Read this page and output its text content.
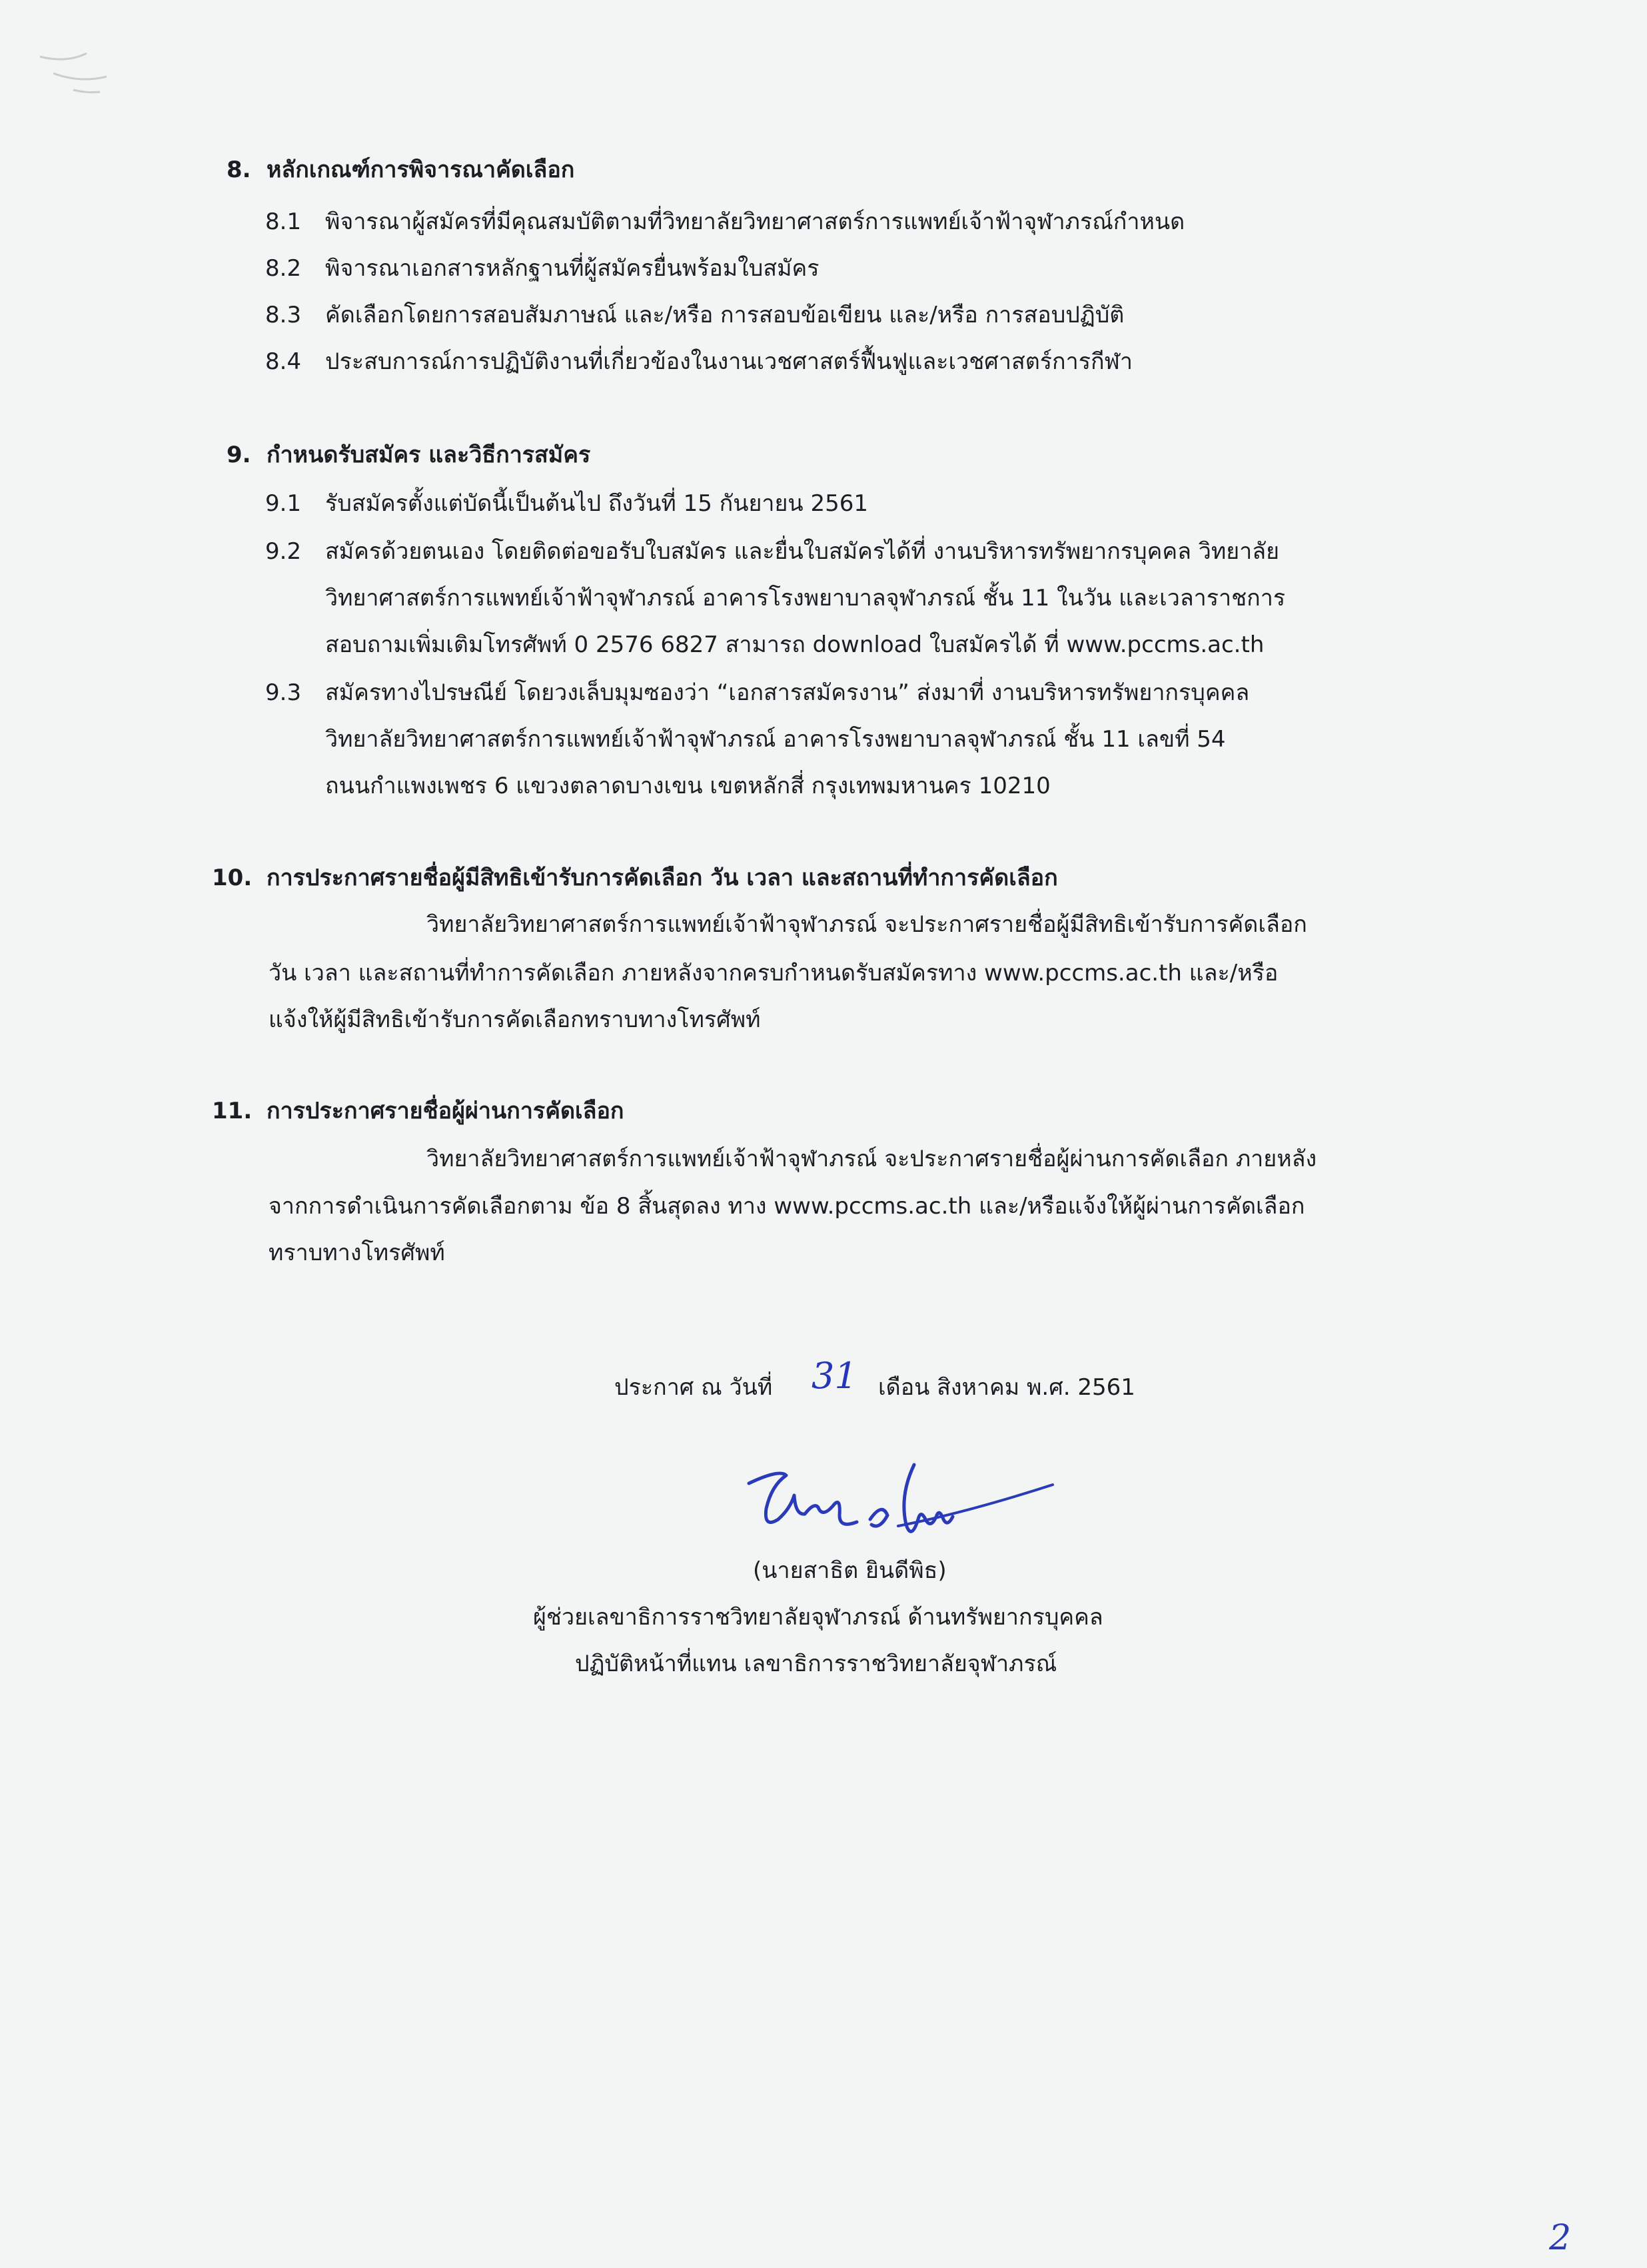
8. หลักเกณฑ์การพิจารณาคัดเลือก
8.1 พิจารณาผู้สมัครที่มีคุณสมบัติตามที่วิทยาลัยวิทยาศาสตร์การแพทย์เจ้าฟ้าจุฬาภรณ์กำหนด
8.2 พิจารณาเอกสารหลักฐานที่ผู้สมัครยื่นพร้อมใบสมัคร
8.3 คัดเลือกโดยการสอบสัมภาษณ์ และ/หรือ การสอบข้อเขียน และ/หรือ การสอบปฏิบัติ
8.4 ประสบการณ์การปฏิบัติงานที่เกี่ยวข้องในงานเวชศาสตร์ฟื้นฟูและเวชศาสตร์การกีฬา
9. กำหนดรับสมัคร และวิธีการสมัคร
9.1 รับสมัครตั้งแต่บัดนี้เป็นต้นไป ถึงวันที่ 15 กันยายน 2561
9.2 สมัครด้วยตนเอง โดยติดต่อขอรับใบสมัคร และยื่นใบสมัครได้ที่ งานบริหารทรัพยากรบุคคล วิทยาลัย
วิทยาศาสตร์การแพทย์เจ้าฟ้าจุฬาภรณ์ อาคารโรงพยาบาลจุฬาภรณ์ ชั้น 11 ในวัน และเวลาราชการ
สอบถามเพิ่มเติมโทรศัพท์ 0 2576 6827 สามารถ download ใบสมัครได้ ที่ www.pccms.ac.th
9.3 สมัครทางไปรษณีย์ โดยวงเล็บมุมซองว่า “เอกสารสมัครงาน” ส่งมาที่ งานบริหารทรัพยากรบุคคล
วิทยาลัยวิทยาศาสตร์การแพทย์เจ้าฟ้าจุฬาภรณ์ อาคารโรงพยาบาลจุฬาภรณ์ ชั้น 11 เลขที่ 54
ถนนกำแพงเพชร 6 แขวงตลาดบางเขน เขตหลักสี่ กรุงเทพมหานคร 10210
10. การประกาศรายชื่อผู้มีสิทธิเข้ารับการคัดเลือก วัน เวลา และสถานที่ทำการคัดเลือก
วิทยาลัยวิทยาศาสตร์การแพทย์เจ้าฟ้าจุฬาภรณ์ จะประกาศรายชื่อผู้มีสิทธิเข้ารับการคัดเลือก
วัน เวลา และสถานที่ทำการคัดเลือก ภายหลังจากครบกำหนดรับสมัครทาง www.pccms.ac.th และ/หรือ
แจ้งให้ผู้มีสิทธิเข้ารับการคัดเลือกทราบทางโทรศัพท์
11. การประกาศรายชื่อผู้ผ่านการคัดเลือก
วิทยาลัยวิทยาศาสตร์การแพทย์เจ้าฟ้าจุฬาภรณ์ จะประกาศรายชื่อผู้ผ่านการคัดเลือก ภายหลัง
จากการดำเนินการคัดเลือกตาม ข้อ 8 สิ้นสุดลง ทาง www.pccms.ac.th และ/หรือแจ้งให้ผู้ผ่านการคัดเลือก
ทราบทางโทรศัพท์
ประกาศ ณ วันที่ 31 เดือน สิงหาคม พ.ศ. 2561
(นายสาธิต ยินดีพิธ)
ผู้ช่วยเลขาธิการราชวิทยาลัยจุฬาภรณ์ ด้านทรัพยากรบุคคล
ปฏิบัติหน้าที่แทน เลขาธิการราชวิทยาลัยจุฬาภรณ์
2
